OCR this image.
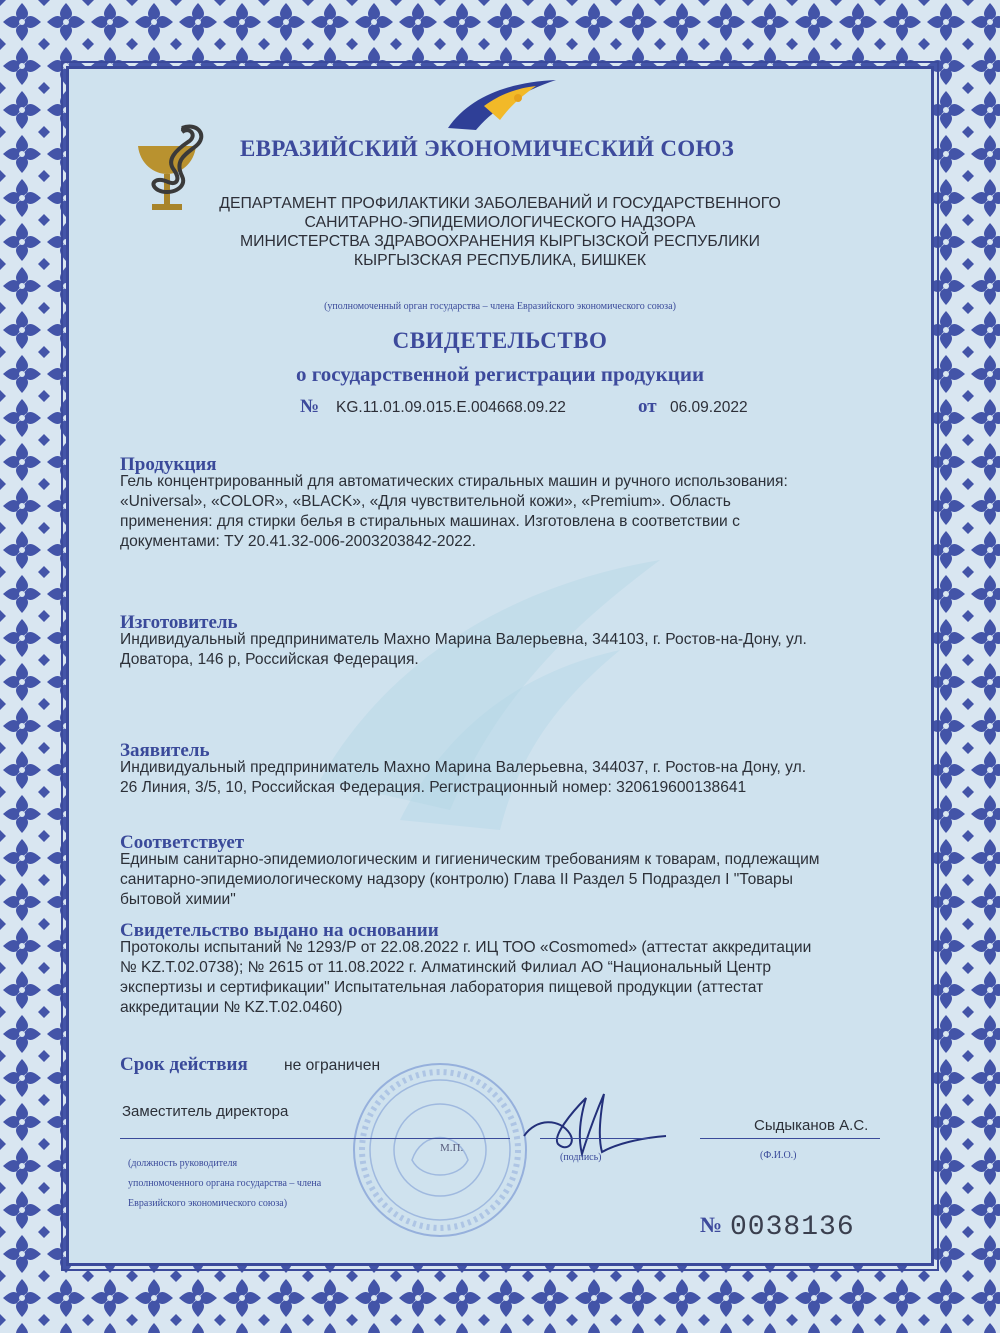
ЕВРАЗИЙСКИЙ ЭКОНОМИЧЕСКИЙ СОЮЗ
ДЕПАРТАМЕНТ ПРОФИЛАКТИКИ ЗАБОЛЕВАНИЙ И ГОСУДАРСТВЕННОГО
САНИТАРНО-ЭПИДЕМИОЛОГИЧЕСКОГО НАДЗОРА
МИНИСТЕРСТВА ЗДРАВООХРАНЕНИЯ КЫРГЫЗСКОЙ РЕСПУБЛИКИ
КЫРГЫЗСКАЯ РЕСПУБЛИКА, БИШКЕК
(уполномоченный орган государства – члена Евразийского экономического союза)
СВИДЕТЕЛЬСТВО
о государственной регистрации продукции
№ KG.11.01.09.015.E.004668.09.22	от 06.09.2022
Продукция
Гель концентрированный для автоматических стиральных машин и ручного использования:
«Universal», «COLOR», «BLACK», «Для чувствительной кожи», «Premium». Область
применения: для стирки белья в стиральных машинах. Изготовлена в соответствии с
документами: ТУ 20.41.32-006-2003203842-2022.
Изготовитель
Индивидуальный предприниматель Махно Марина Валерьевна, 344103, г. Ростов-на-Дону, ул.
Доватора, 146 р, Российская Федерация.
Заявитель
Индивидуальный предприниматель Махно Марина Валерьевна, 344037, г. Ростов-на Дону, ул.
26 Линия, 3/5, 10, Российская Федерация. Регистрационный номер: 320619600138641
Соответствует
Единым санитарно-эпидемиологическим и гигиеническим требованиям к товарам, подлежащим
санитарно-эпидемиологическому надзору (контролю) Глава II Раздел 5 Подраздел I "Товары
бытовой химии"
Свидетельство выдано на основании
Протоколы испытаний № 1293/Р от 22.08.2022 г. ИЦ ТОО «Cosmomed» (аттестат аккредитации
№ KZ.T.02.0738); № 2615 от 11.08.2022 г. Алматинский Филиал АО “Национальный Центр
экспертизы и сертификации" Испытательная лаборатория пищевой продукции (аттестат
аккредитации № KZ.T.02.0460)
Срок действия не ограничен
М.П.
Заместитель директора
Сыдыканов А.С.
(должность руководителя
уполномоченного органа государства – члена
Евразийского экономического союза)
(подпись)	(Ф.И.О.)
№ 0038136
